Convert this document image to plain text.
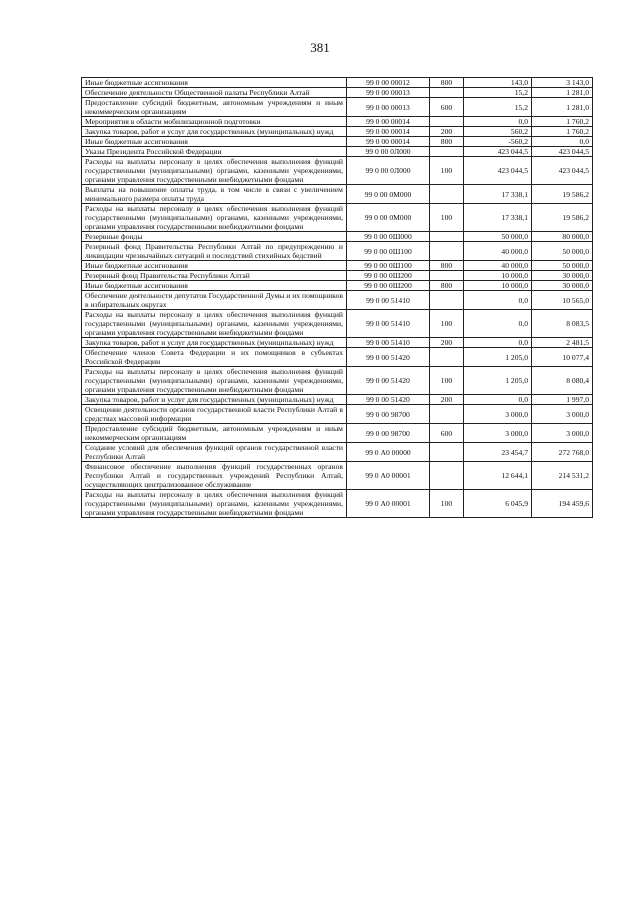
381
Иные бюджетные ассигнования	99 0 00 00012	800	143,0	3 143,0
Обеспечение деятельности Общественной палаты Республики Алтай	99 0 00 00013		15,2	1 281,0
Предоставление субсидий бюджетным, автономным учреждениям и иным некоммерческим организациям	99 0 00 00013	600	15,2	1 281,0
Мероприятия в области мобилизационной подготовки	99 0 00 00014		0,0	1 760,2
Закупка товаров, работ и услуг для государственных (муниципальных) нужд	99 0 00 00014	200	560,2	1 760,2
Иные бюджетные ассигнования	99 0 00 00014	800	-560,2	0,0
Указы Президента Российской Федерации	99 0 00 0Л000		423 044,5	423 044,5
Расходы на выплаты персоналу в целях обеспечения выполнения функций государственными (муниципальными) органами, казенными учреждениями, органами управления государственными внебюджетными фондами	99 0 00 0Л000	100	423 044,5	423 044,5
Выплаты на повышение оплаты труда, в том числе в связи с увеличением минимального размера оплаты труда	99 0 00 0М000		17 338,1	19 586,2
Расходы на выплаты персоналу в целях обеспечения выполнения функций государственными (муниципальными) органами, казенными учреждениями, органами управления государственными внебюджетными фондами	99 0 00 0М000	100	17 338,1	19 586,2
Резервные фонды	99 0 00 0Ш000		50 000,0	80 000,0
Резервный фонд Правительства Республики Алтай по предупреждению и ликвидации чрезвычайных ситуаций и последствий стихийных бедствий	99 0 00 0Ш100		40 000,0	50 000,0
Иные бюджетные ассигнования	99 0 00 0Ш100	800	40 000,0	50 000,0
Резервный фонд Правительства Республики Алтай	99 0 00 0Ш200		10 000,0	30 000,0
Иные бюджетные ассигнования	99 0 00 0Ш200	800	10 000,0	30 000,0
Обеспечение деятельности депутатов Государственной Думы и их помощников в избирательных округах	99 0 00 51410		0,0	10 565,0
Расходы на выплаты персоналу в целях обеспечения выполнения функций государственными (муниципальными) органами, казенными учреждениями, органами управления государственными внебюджетными фондами	99 0 00 51410	100	0,0	8 083,5
Закупка товаров, работ и услуг для государственных (муниципальных) нужд	99 0 00 51410	200	0,0	2 481,5
Обеспечение членов Совета Федерации и их помощников в субъектах Российской Федерации	99 0 00 51420		1 205,0	10 077,4
Расходы на выплаты персоналу в целях обеспечения выполнения функций государственными (муниципальными) органами, казенными учреждениями, органами управления государственными внебюджетными фондами	99 0 00 51420	100	1 205,0	8 080,4
Закупка товаров, работ и услуг для государственных (муниципальных) нужд	99 0 00 51420	200	0,0	1 997,0
Освещение деятельности органов государственной власти Республики Алтай в средствах массовой информации	99 0 00 98700		3 000,0	3 000,0
Предоставление субсидий бюджетным, автономным учреждениям и иным некоммерческим организациям	99 0 00 98700	600	3 000,0	3 000,0
Создание условий для обеспечения функций органов государственной власти Республики Алтай	99 0 А0 00000		23 454,7	272 768,0
Финансовое обеспечение выполнения функций государственных органов Республики Алтай и государственных учреждений Республики Алтай, осуществляющих централизованное обслуживание	99 0 А0 00001		12 644,1	214 531,2
Расходы на выплаты персоналу в целях обеспечения выполнения функций государственными (муниципальными) органами, казенными учреждениями, органами управления государственными внебюджетными фондами	99 0 А0 00001	100	6 045,9	194 459,6
